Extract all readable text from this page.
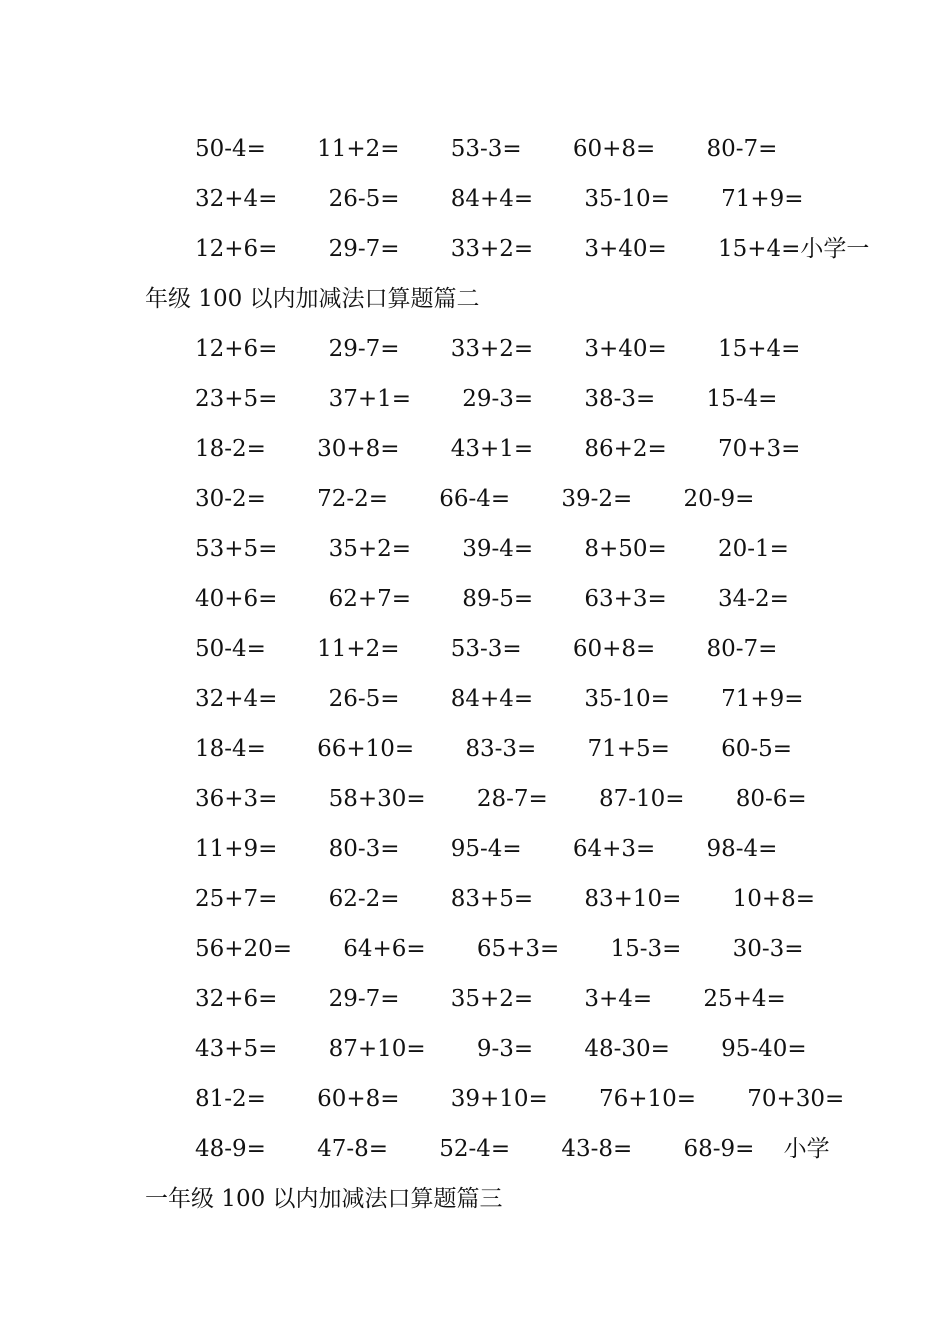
50-4=       11+2=       53-3=       60+8=       80-7=
32+4=       26-5=       84+4=       35-10=       71+9=
12+6=       29-7=       33+2=       3+40=       15+4=小学一
年级 100 以内加减法口算题篇二
12+6=       29-7=       33+2=       3+40=       15+4=
23+5=       37+1=       29-3=       38-3=       15-4=
18-2=       30+8=       43+1=       86+2=       70+3=
30-2=       72-2=       66-4=       39-2=       20-9=
53+5=       35+2=       39-4=       8+50=       20-1=
40+6=       62+7=       89-5=       63+3=       34-2=
50-4=       11+2=       53-3=       60+8=       80-7=
32+4=       26-5=       84+4=       35-10=       71+9=
18-4=       66+10=       83-3=       71+5=       60-5=
36+3=       58+30=       28-7=       87-10=       80-6=
11+9=       80-3=       95-4=       64+3=       98-4=
25+7=       62-2=       83+5=       83+10=       10+8=
56+20=       64+6=       65+3=       15-3=       30-3=
32+6=       29-7=       35+2=       3+4=       25+4=
43+5=       87+10=       9-3=       48-30=       95-40=
81-2=       60+8=       39+10=       76+10=       70+30=
48-9=       47-8=       52-4=       43-8=       68-9=    小学
一年级 100 以内加减法口算题篇三
